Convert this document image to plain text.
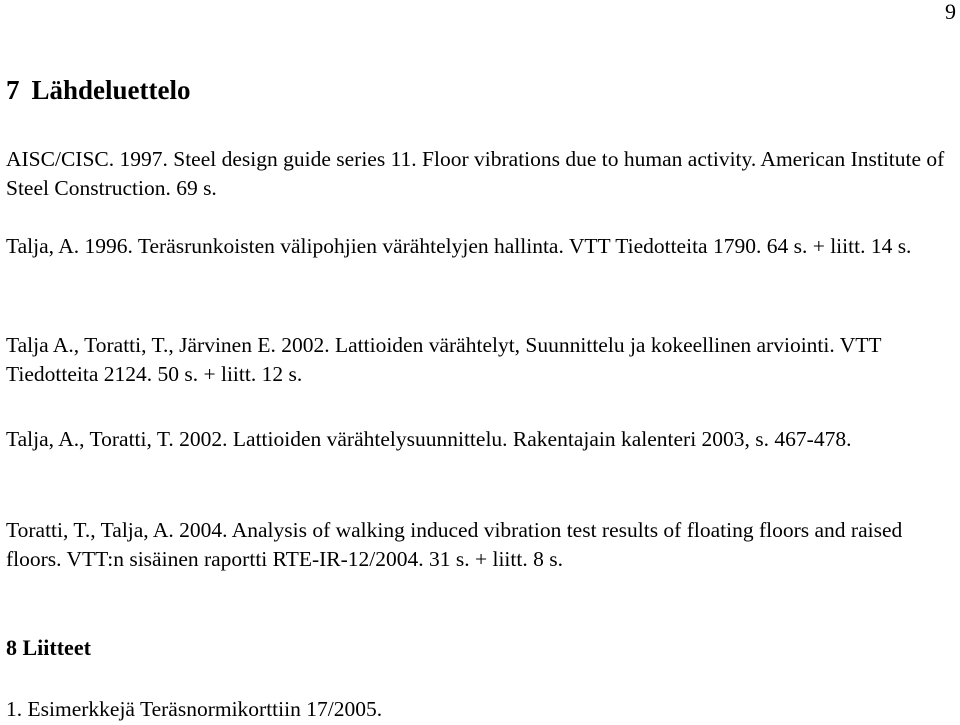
9
7 Lähdeluettelo

AISC/CISC. 1997. Steel design guide series 11. Floor vibrations due to human activity. American Institute of Steel Construction. 69 s.

Talja, A. 1996. Teräsrunkoisten välipohjien värähtelyjen hallinta. VTT Tiedotteita 1790. 64 s. + liitt. 14 s.

Talja A., Toratti, T., Järvinen E. 2002. Lattioiden värähtelyt, Suunnittelu ja kokeellinen arviointi. VTT Tiedotteita 2124. 50 s. + liitt. 12 s.

Talja, A., Toratti, T. 2002. Lattioiden värähtelysuunnittelu. Rakentajain kalenteri 2003, s. 467-478.

Toratti, T., Talja, A. 2004. Analysis of walking induced vibration test results of floating floors and raised floors. VTT:n sisäinen raportti RTE-IR-12/2004. 31 s. + liitt. 8 s.

8 Liitteet

1. Esimerkkejä Teräsnormikorttiin 17/2005.
